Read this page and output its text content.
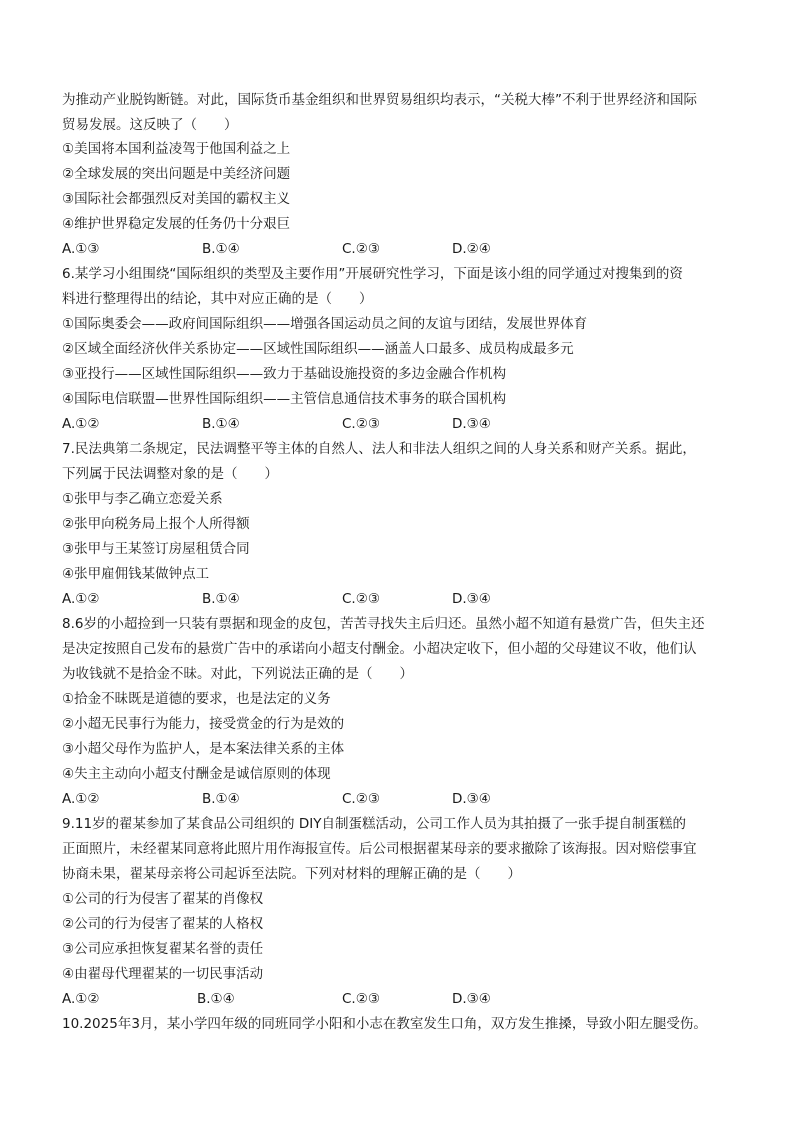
为推动产业脱钩断链。对此，国际货币基金组织和世界贸易组织均表示，“关税大棒”不利于世界经济和国际
贸易发展。这反映了（　　）
①美国将本国利益凌驾于他国利益之上
②全球发展的突出问题是中美经济问题
③国际社会都强烈反对美国的霸权主义
④维护世界稳定发展的任务仍十分艰巨
A.①③	B.①④	C.②③	D.②④
6.某学习小组围绕“国际组织的类型及主要作用”开展研究性学习，下面是该小组的同学通过对搜集到的资
料进行整理得出的结论，其中对应正确的是（　　）
①国际奥委会——政府间国际组织——增强各国运动员之间的友谊与团结，发展世界体育
②区域全面经济伙伴关系协定——区域性国际组织——涵盖人口最多、成员构成最多元
③亚投行——区域性国际组织——致力于基础设施投资的多边金融合作机构
④国际电信联盟—世界性国际组织——主管信息通信技术事务的联合国机构
A.①②	B.①④	C.②③	D.③④
7.民法典第二条规定，民法调整平等主体的自然人、法人和非法人组织之间的人身关系和财产关系。据此，
下列属于民法调整对象的是（　　）
①张甲与李乙确立恋爱关系
②张甲向税务局上报个人所得额
③张甲与王某签订房屋租赁合同
④张甲雇佣钱某做钟点工
A.①②	B.①④	C.②③	D.③④
8.6岁的小超捡到一只装有票据和现金的皮包，苦苦寻找失主后归还。虽然小超不知道有悬赏广告，但失主还
是决定按照自己发布的悬赏广告中的承诺向小超支付酬金。小超决定收下，但小超的父母建议不收，他们认
为收钱就不是拾金不昧。对此，下列说法正确的是（　　）
①拾金不昧既是道德的要求，也是法定的义务
②小超无民事行为能力，接受赏金的行为是效的
③小超父母作为监护人，是本案法律关系的主体
④失主主动向小超支付酬金是诚信原则的体现
A.①②	B.①④	C.②③	D.③④
9.11岁的翟某参加了某食品公司组织的 DIY自制蛋糕活动，公司工作人员为其拍摄了一张手提自制蛋糕的
正面照片，未经翟某同意将此照片用作海报宣传。后公司根据翟某母亲的要求撤除了该海报。因对赔偿事宜
协商未果，翟某母亲将公司起诉至法院。下列对材料的理解正确的是（　　）
①公司的行为侵害了翟某的肖像权
②公司的行为侵害了翟某的人格权
③公司应承担恢复翟某名誉的责任
④由翟母代理翟某的一切民事活动
A.①②	B.①④	C.②③	D.③④
10.2025年3月，某小学四年级的同班同学小阳和小志在教室发生口角，双方发生推搡，导致小阳左腿受伤。
